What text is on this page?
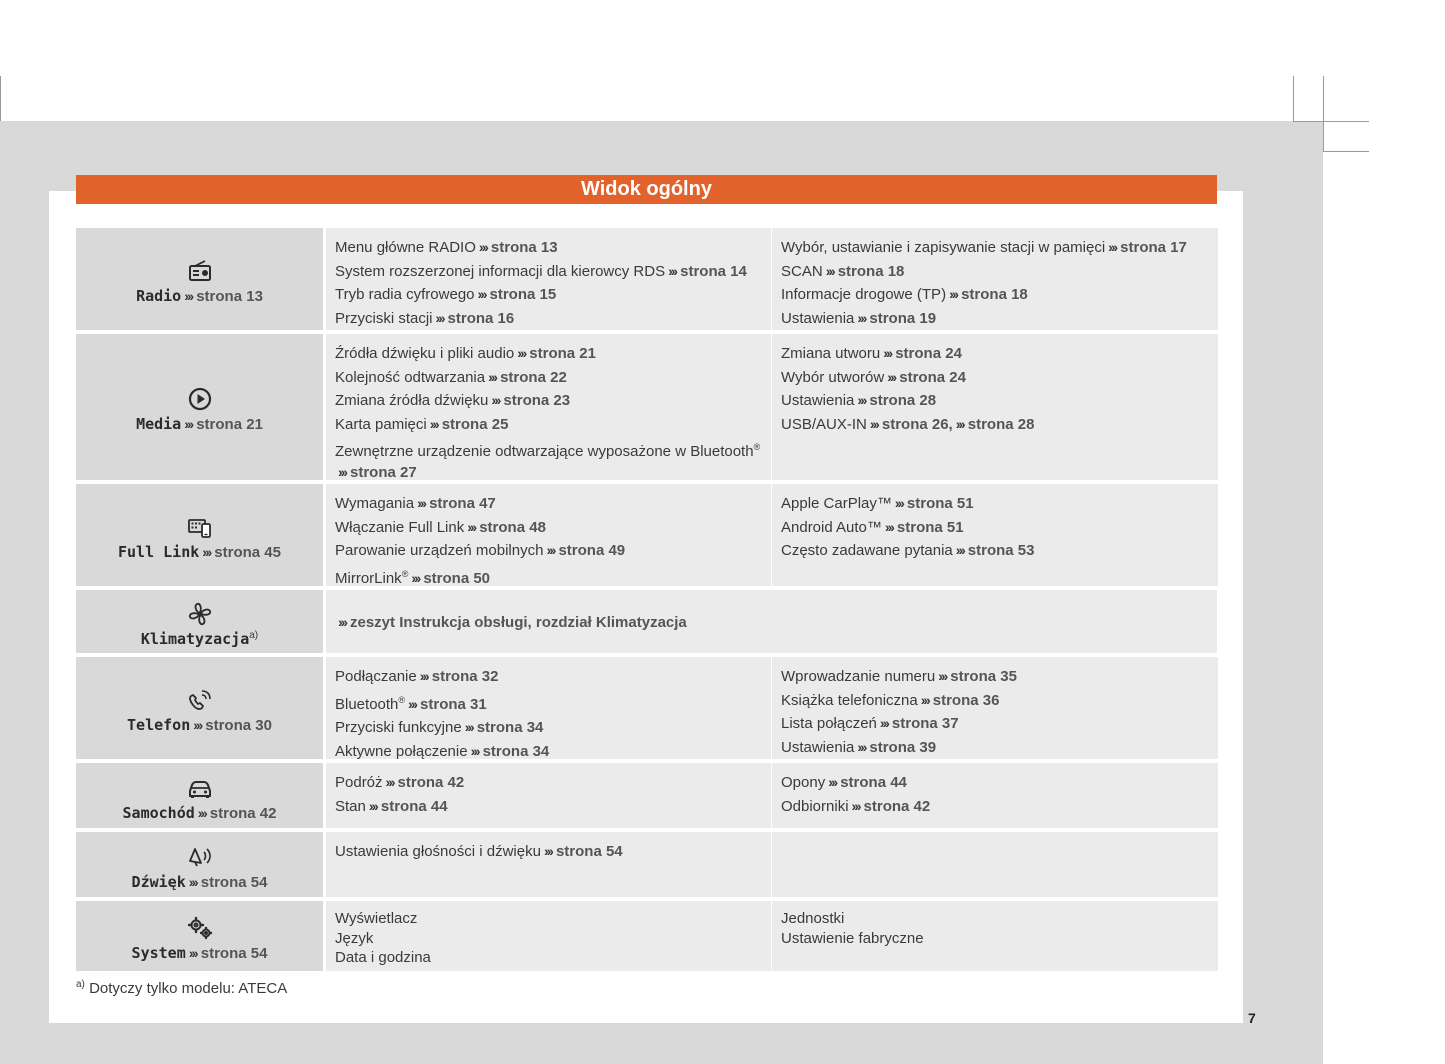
Widok ogólny
Radio ››› strona 13
Menu główne RADIO ››› strona 13
System rozszerzonej informacji dla kierowcy RDS ››› strona 14
Tryb radia cyfrowego ››› strona 15
Przyciski stacji ››› strona 16
Wybór, ustawianie i zapisywanie stacji w pamięci ››› strona 17
SCAN ››› strona 18
Informacje drogowe (TP) ››› strona 18
Ustawienia ››› strona 19
Media ››› strona 21
Źródła dźwięku i pliki audio ››› strona 21
Kolejność odtwarzania ››› strona 22
Zmiana źródła dźwięku ››› strona 23
Karta pamięci ››› strona 25
Zewnętrzne urządzenie odtwarzające wyposażone w Bluetooth®
››› strona 27
Zmiana utworu ››› strona 24
Wybór utworów ››› strona 24
Ustawienia ››› strona 28
USB/AUX-IN ››› strona 26, ››› strona 28
Full Link ››› strona 45
Wymagania ››› strona 47
Włączanie Full Link ››› strona 48
Parowanie urządzeń mobilnych ››› strona 49
MirrorLink® ››› strona 50
Apple CarPlay™ ››› strona 51
Android Auto™ ››› strona 51
Często zadawane pytania ››› strona 53
Klimatyzacja$^{a)}$
››› zeszyt Instrukcja obsługi, rozdział Klimatyzacja
Telefon ››› strona 30
Podłączanie ››› strona 32
Bluetooth® ››› strona 31
Przyciski funkcyjne ››› strona 34
Aktywne połączenie ››› strona 34
Wprowadzanie numeru ››› strona 35
Książka telefoniczna ››› strona 36
Lista połączeń ››› strona 37
Ustawienia ››› strona 39
Samochód ››› strona 42
Podróż ››› strona 42
Stan ››› strona 44
Opony ››› strona 44
Odbiorniki ››› strona 42
Dźwięk ››› strona 54
Ustawienia głośności i dźwięku ››› strona 54
System ››› strona 54
Wyświetlacz
Język
Data i godzina
Jednostki
Ustawienie fabryczne
$^{a)}$ Dotyczy tylko modelu: ATECA
7
